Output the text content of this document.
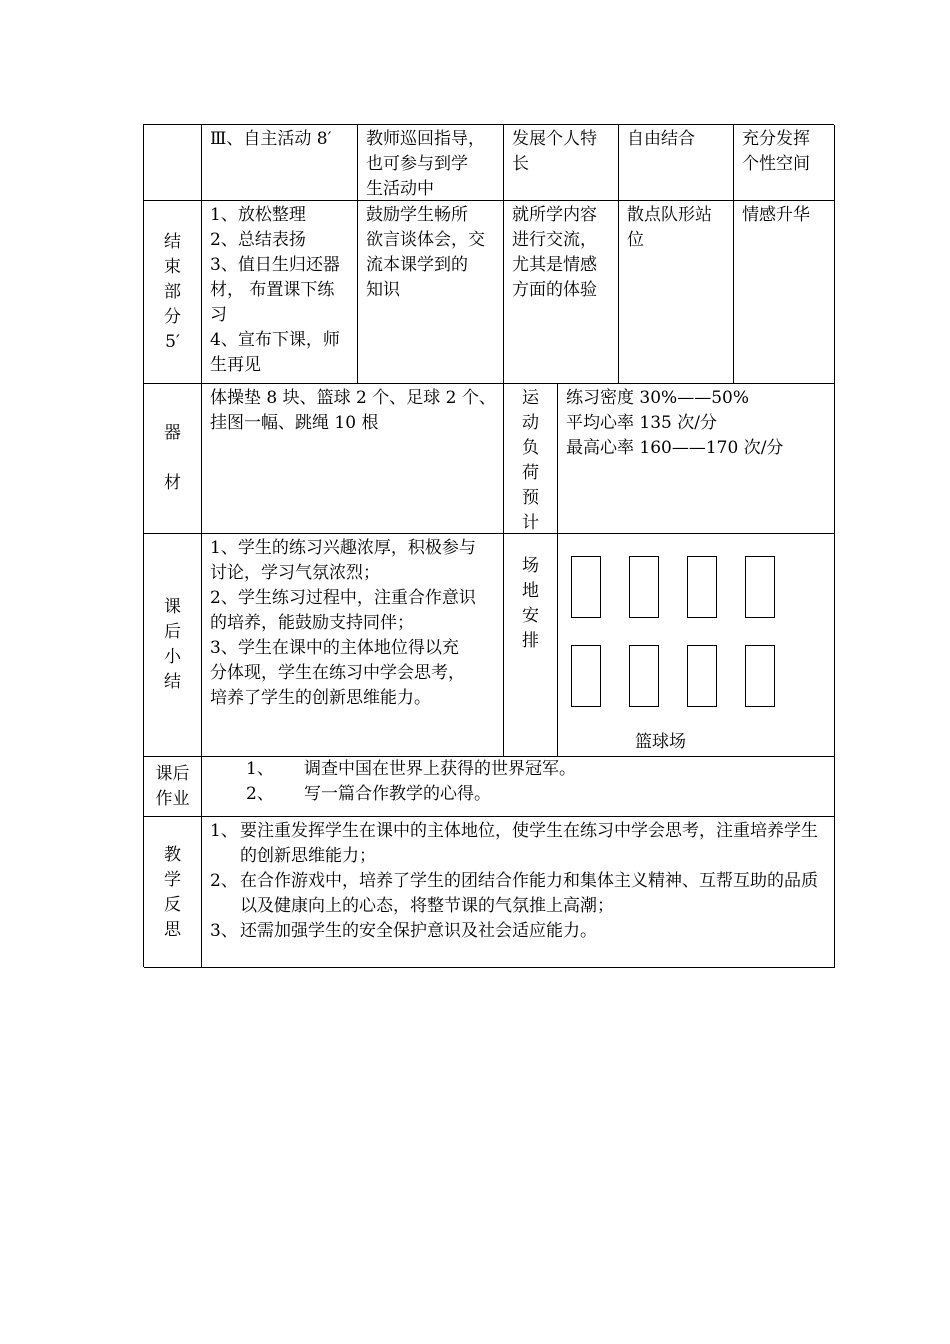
Ⅲ、自主活动 8′	教师巡回指导，
也可参与到学
生活动中
发展个人特
长
自由结合	充分发挥
个性空间
结
束
部
分
5′
1、放松整理
2、总结表扬
3、值日生归还器
材， 布置课下练
习
4、宣布下课，师
生再见
鼓励学生畅所
欲言谈体会，交
流本课学到的
知识
就所学内容
进行交流，
尤其是情感
方面的体验
散点队形站
位
情感升华
器
材
体操垫 8 块、篮球 2 个、足球 2 个、
挂图一幅、跳绳 10 根
运
动
负
荷
预
计
练习密度 30%——50%
平均心率 135 次/分
最高心率 160——170 次/分
课
后
小
结
1、学生的练习兴趣浓厚，积极参与
讨论，学习气氛浓烈；
2、学生练习过程中，注重合作意识
的培养，能鼓励支持同伴；
3、学生在课中的主体地位得以充
分体现，学生在练习中学会思考，
培养了学生的创新思维能力。
场
地
安
排
篮球场
课后
作业
1、 调查中国在世界上获得的世界冠军。
2、 写一篇合作教学的心得。
教
学
反
思
1、 要注重发挥学生在课中的主体地位，使学生在练习中学会思考，注重培养学生的创新思维能力；
2、 在合作游戏中，培养了学生的团结合作能力和集体主义精神、互帮互助的品质以及健康向上的心态，将整节课的气氛推上高潮；
3、 还需加强学生的安全保护意识及社会适应能力。
